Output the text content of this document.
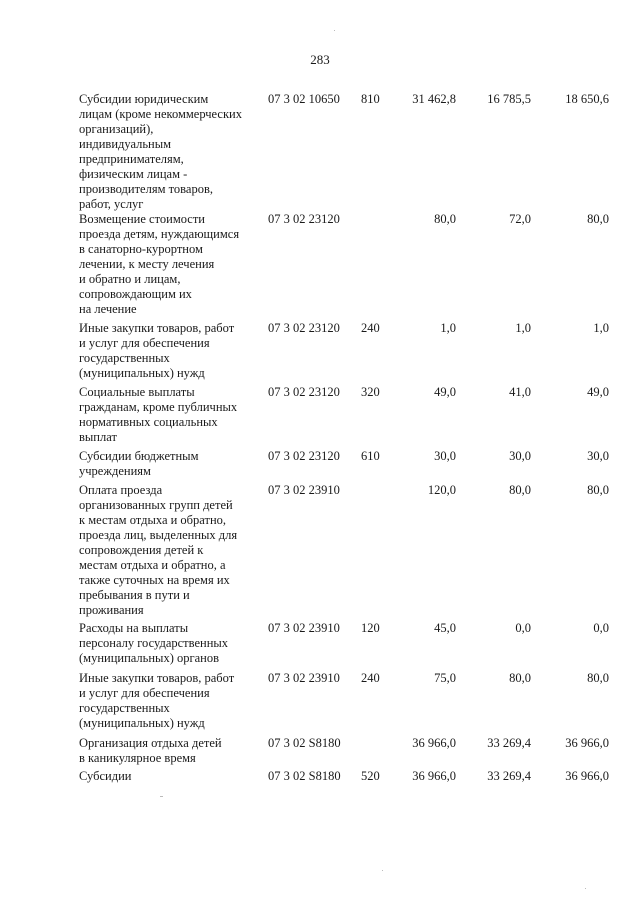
283
Субсидии юридическим
лицам (кроме некоммерческих
организаций),
индивидуальным
предпринимателям,
физическим лицам -
производителям товаров,
работ, услуг
07 3 02 10650 810	31 462,8	16 785,5	18 650,6
Возмещение стоимости
проезда детям, нуждающимся
в санаторно-курортном
лечении, к месту лечения
и обратно и лицам,
сопровождающим их
на лечение
07 3 02 23120	80,0	72,0	80,0
Иные закупки товаров, работ
и услуг для обеспечения
государственных
(муниципальных) нужд
07 3 02 23120 240	1,0	1,0	1,0
Социальные выплаты
гражданам, кроме публичных
нормативных социальных
выплат
07 3 02 23120 320	49,0	41,0	49,0
Субсидии бюджетным
учреждениям
07 3 02 23120 610	30,0	30,0	30,0
Оплата проезда
организованных групп детей
к местам отдыха и обратно,
проезда лиц, выделенных для
сопровождения детей к
местам отдыха и обратно, а
также суточных на время их
пребывания в пути и
проживания
07 3 02 23910	120,0	80,0	80,0
Расходы на выплаты
персоналу государственных
(муниципальных) органов
07 3 02 23910 120	45,0	0,0	0,0
Иные закупки товаров, работ
и услуг для обеспечения
государственных
(муниципальных) нужд
07 3 02 23910 240	75,0	80,0	80,0
Организация отдыха детей
в каникулярное время
07 3 02 S8180	36 966,0	33 269,4	36 966,0
Субсидии	07 3 02 S8180 520	36 966,0	33 269,4	36 966,0
